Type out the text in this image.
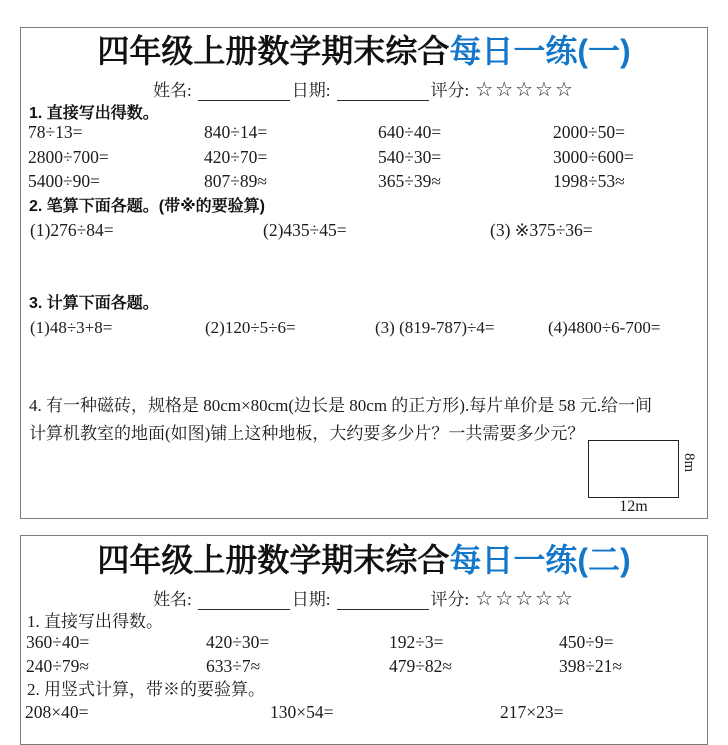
四年级上册数学期末综合每日一练(一)
姓名:	日期:	评分: ☆☆☆☆☆
1. 直接写出得数。
78÷13=	840÷14=	640÷40=	2000÷50=
2800÷700=	420÷70=	540÷30=	3000÷600=
5400÷90=	807÷89≈	365÷39≈	1998÷53≈
2. 笔算下面各题。(带※的要验算)
(1)276÷84=	(2)435÷45=	(3) ※375÷36=
3. 计算下面各题。
(1)48÷3+8=	(2)120÷5÷6=	(3) (819-787)÷4=	(4)4800÷6-700=
4. 有一种磁砖，规格是 80cm×80cm(边长是 80cm 的正方形).每片单价是 58 元.给一间
计算机教室的地面(如图)铺上这种地板，大约要多少片？一共需要多少元？
8m
12m
四年级上册数学期末综合每日一练(二)
姓名:	日期:	评分: ☆☆☆☆☆
1. 直接写出得数。
360÷40=	420÷30=	192÷3=	450÷9=
240÷79≈	633÷7≈	479÷82≈	398÷21≈
2. 用竖式计算，带※的要验算。
208×40=	130×54=	217×23=
